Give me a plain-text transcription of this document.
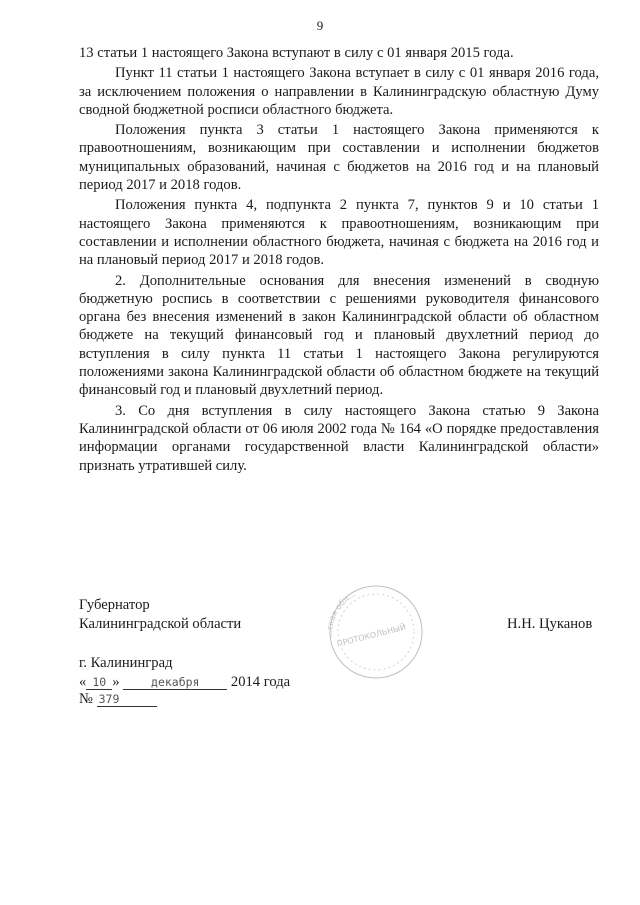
9

13 статьи 1 настоящего Закона вступают в силу с 01 января 2015 года.

Пункт 11 статьи 1 настоящего Закона вступает в силу с 01 января 2016 года, за исключением положения о направлении в Калининградскую областную Думу сводной бюджетной росписи областного бюджета.

Положения пункта 3 статьи 1 настоящего Закона применяются к правоотношениям, возникающим при составлении и исполнении бюджетов муниципальных образований, начиная с бюджетов на 2016 год и на плановый период 2017 и 2018 годов.

Положения пункта 4, подпункта 2 пункта 7, пунктов 9 и 10 статьи 1 настоящего Закона применяются к правоотношениям, возникающим при составлении и исполнении областного бюджета, начиная с бюджета на 2016 год и на плановый период 2017 и 2018 годов.

2. Дополнительные основания для внесения изменений в сводную бюджетную роспись в соответствии с решениями руководителя финансового органа без внесения изменений в закон Калининградской области об областном бюджете на текущий финансовый год и плановый двухлетний период до вступления в силу пункта 11 статьи 1 настоящего Закона регулируются положениями закона Калининградской области об областном бюджете на текущий финансовый год и плановый двухлетний период.

3. Со дня вступления в силу настоящего Закона статью 9 Закона Калининградской области от 06 июля 2002 года № 164 «О порядке предоставления информации органами государственной власти Калининградской области» признать утратившей силу.

Губернатор
Калининградской области	Н.Н. Цуканов
...ская обл...
ПРОТОКОЛЬНЫЙ
г. Калининград
« 10 »	декабря 2014 года
№ 379
